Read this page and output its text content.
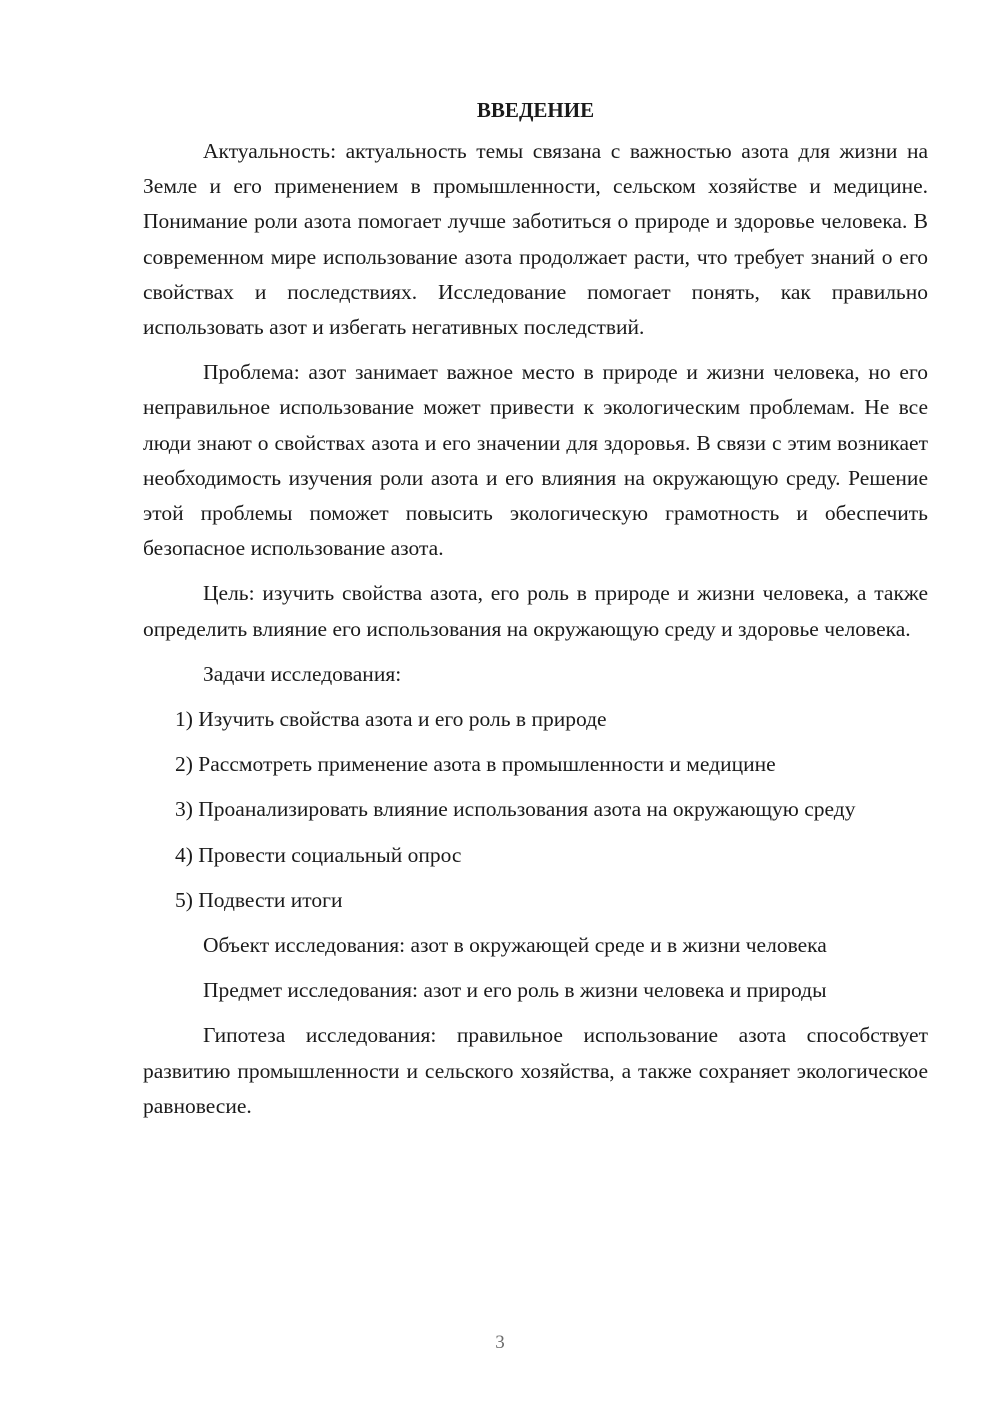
ВВЕДЕНИЕ

Актуальность: актуальность темы связана с важностью азота для жизни на Земле и его применением в промышленности, сельском хозяйстве и медицине. Понимание роли азота помогает лучше заботиться о природе и здоровье человека. В современном мире использование азота продолжает расти, что требует знаний о его свойствах и последствиях. Исследование помогает понять, как правильно использовать азот и избегать негативных последствий.

Проблема: азот занимает важное место в природе и жизни человека, но его неправильное использование может привести к экологическим проблемам. Не все люди знают о свойствах азота и его значении для здоровья. В связи с этим возникает необходимость изучения роли азота и его влияния на окружающую среду. Решение этой проблемы поможет повысить экологическую грамотность и обеспечить безопасное использование азота.

Цель: изучить свойства азота, его роль в природе и жизни человека, а также определить влияние его использования на окружающую среду и здоровье человека.

Задачи исследования:

1) Изучить свойства азота и его роль в природе

2) Рассмотреть применение азота в промышленности и медицине

3) Проанализировать влияние использования азота на окружающую среду

4) Провести социальный опрос

5) Подвести итоги

Объект исследования: азот в окружающей среде и в жизни человека

Предмет исследования: азот и его роль в жизни человека и природы

Гипотеза исследования: правильное использование азота способствует развитию промышленности и сельского хозяйства, а также сохраняет экологическое равновесие.

3
